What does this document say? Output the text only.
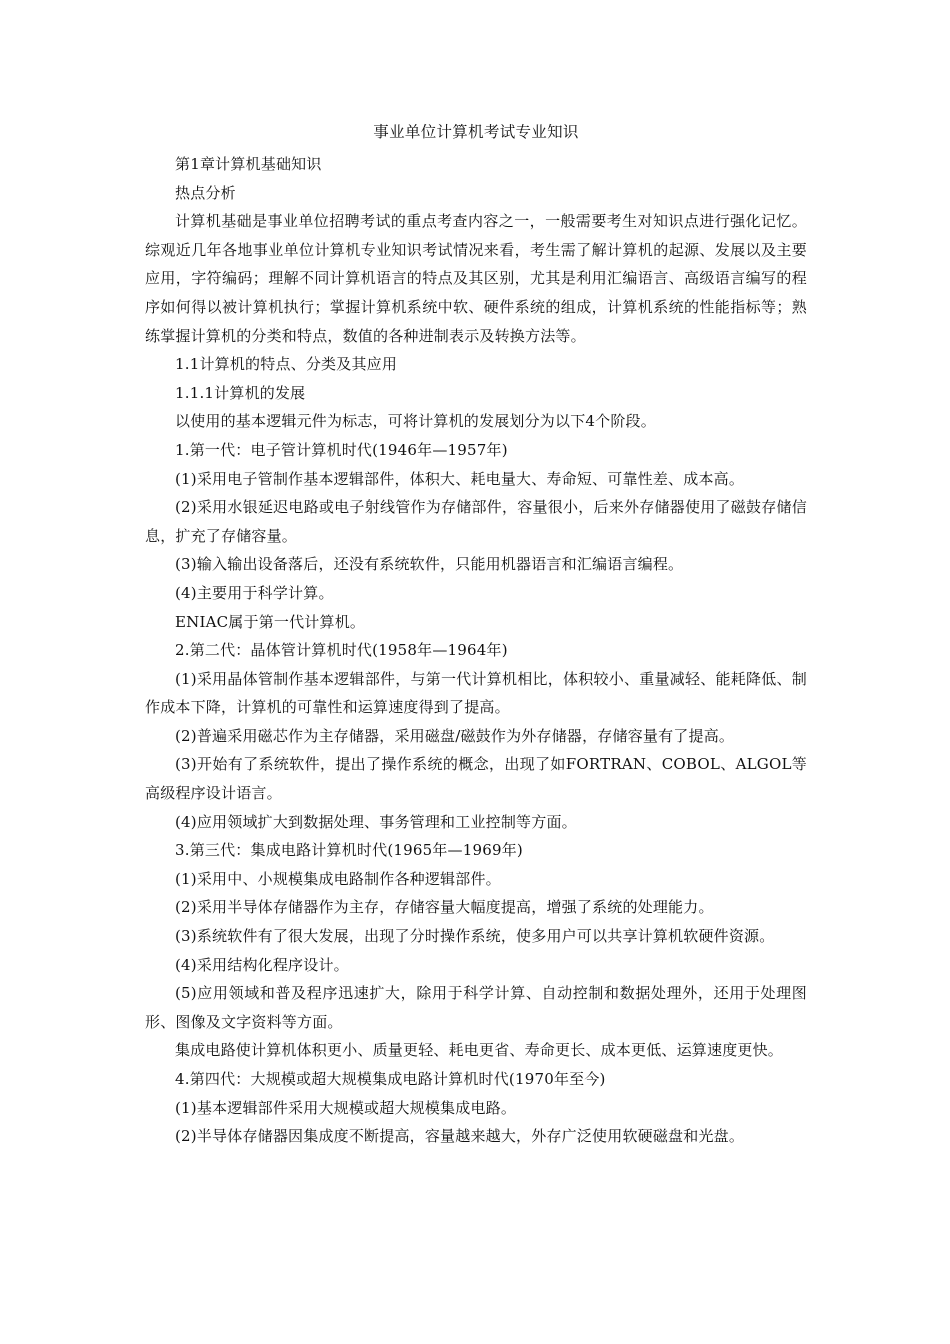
事业单位计算机考试专业知识

第1章计算机基础知识

热点分析

计算机基础是事业单位招聘考试的重点考查内容之一，一般需要考生对知识点进行强化记忆。综观近几年各地事业单位计算机专业知识考试情况来看，考生需了解计算机的起源、发展以及主要应用，字符编码；理解不同计算机语言的特点及其区别，尤其是利用汇编语言、高级语言编写的程序如何得以被计算机执行；掌握计算机系统中软、硬件系统的组成，计算机系统的性能指标等；熟练掌握计算机的分类和特点，数值的各种进制表示及转换方法等。

1.1计算机的特点、分类及其应用

1.1.1计算机的发展

以使用的基本逻辑元件为标志，可将计算机的发展划分为以下4个阶段。

1.第一代：电子管计算机时代(1946年—1957年)

(1)采用电子管制作基本逻辑部件，体积大、耗电量大、寿命短、可靠性差、成本高。

(2)采用水银延迟电路或电子射线管作为存储部件，容量很小，后来外存储器使用了磁鼓存储信息，扩充了存储容量。

(3)输入输出设备落后，还没有系统软件，只能用机器语言和汇编语言编程。

(4)主要用于科学计算。

ENIAC属于第一代计算机。

2.第二代：晶体管计算机时代(1958年—1964年)

(1)采用晶体管制作基本逻辑部件，与第一代计算机相比，体积较小、重量减轻、能耗降低、制作成本下降，计算机的可靠性和运算速度得到了提高。

(2)普遍采用磁芯作为主存储器，采用磁盘/磁鼓作为外存储器，存储容量有了提高。

(3)开始有了系统软件，提出了操作系统的概念，出现了如FORTRAN、COBOL、ALGOL等高级程序设计语言。

(4)应用领域扩大到数据处理、事务管理和工业控制等方面。

3.第三代：集成电路计算机时代(1965年—1969年)

(1)采用中、小规模集成电路制作各种逻辑部件。

(2)采用半导体存储器作为主存，存储容量大幅度提高，增强了系统的处理能力。

(3)系统软件有了很大发展，出现了分时操作系统，使多用户可以共享计算机软硬件资源。

(4)采用结构化程序设计。

(5)应用领域和普及程序迅速扩大，除用于科学计算、自动控制和数据处理外，还用于处理图形、图像及文字资料等方面。

集成电路使计算机体积更小、质量更轻、耗电更省、寿命更长、成本更低、运算速度更快。

4.第四代：大规模或超大规模集成电路计算机时代(1970年至今)

(1)基本逻辑部件采用大规模或超大规模集成电路。

(2)半导体存储器因集成度不断提高，容量越来越大，外存广泛使用软硬磁盘和光盘。
